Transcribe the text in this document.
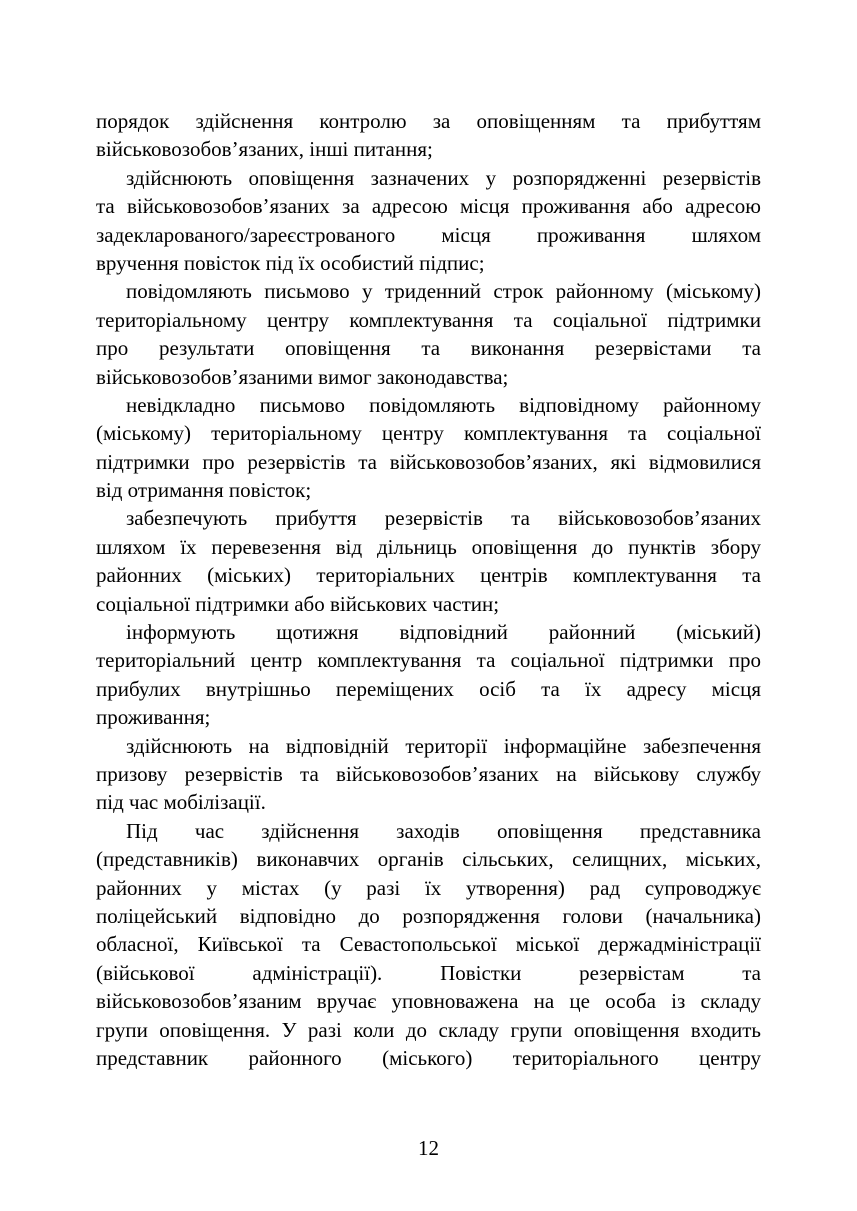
порядок здійснення контролю за оповіщенням та прибуттям
військовозобов’язаних, інші питання;
здійснюють оповіщення зазначених у розпорядженні резервістів
та військовозобов’язаних за адресою місця проживання або адресою
задекларованого/зареєстрованого місця проживання шляхом
вручення повісток під їх особистий підпис;
повідомляють письмово у триденний строк районному (міському)
територіальному центру комплектування та соціальної підтримки
про результати оповіщення та виконання резервістами та
військовозобов’язаними вимог законодавства;
невідкладно письмово повідомляють відповідному районному
(міському) територіальному центру комплектування та соціальної
підтримки про резервістів та військовозобов’язаних, які відмовилися
від отримання повісток;
забезпечують прибуття резервістів та військовозобов’язаних
шляхом їх перевезення від дільниць оповіщення до пунктів збору
районних (міських) територіальних центрів комплектування та
соціальної підтримки або військових частин;
інформують щотижня відповідний районний (міський)
територіальний центр комплектування та соціальної підтримки про
прибулих внутрішньо переміщених осіб та їх адресу місця
проживання;
здійснюють на відповідній території інформаційне забезпечення
призову резервістів та військовозобов’язаних на військову службу
під час мобілізації.
Під час здійснення заходів оповіщення представника
(представників) виконавчих органів сільських, селищних, міських,
районних у містах (у разі їх утворення) рад супроводжує
поліцейський відповідно до розпорядження голови (начальника)
обласної, Київської та Севастопольської міської держадміністрації
(військової адміністрації). Повістки резервістам та
військовозобов’язаним вручає уповноважена на це особа із складу
групи оповіщення. У разі коли до складу групи оповіщення входить
представник районного (міського) територіального центру
12
